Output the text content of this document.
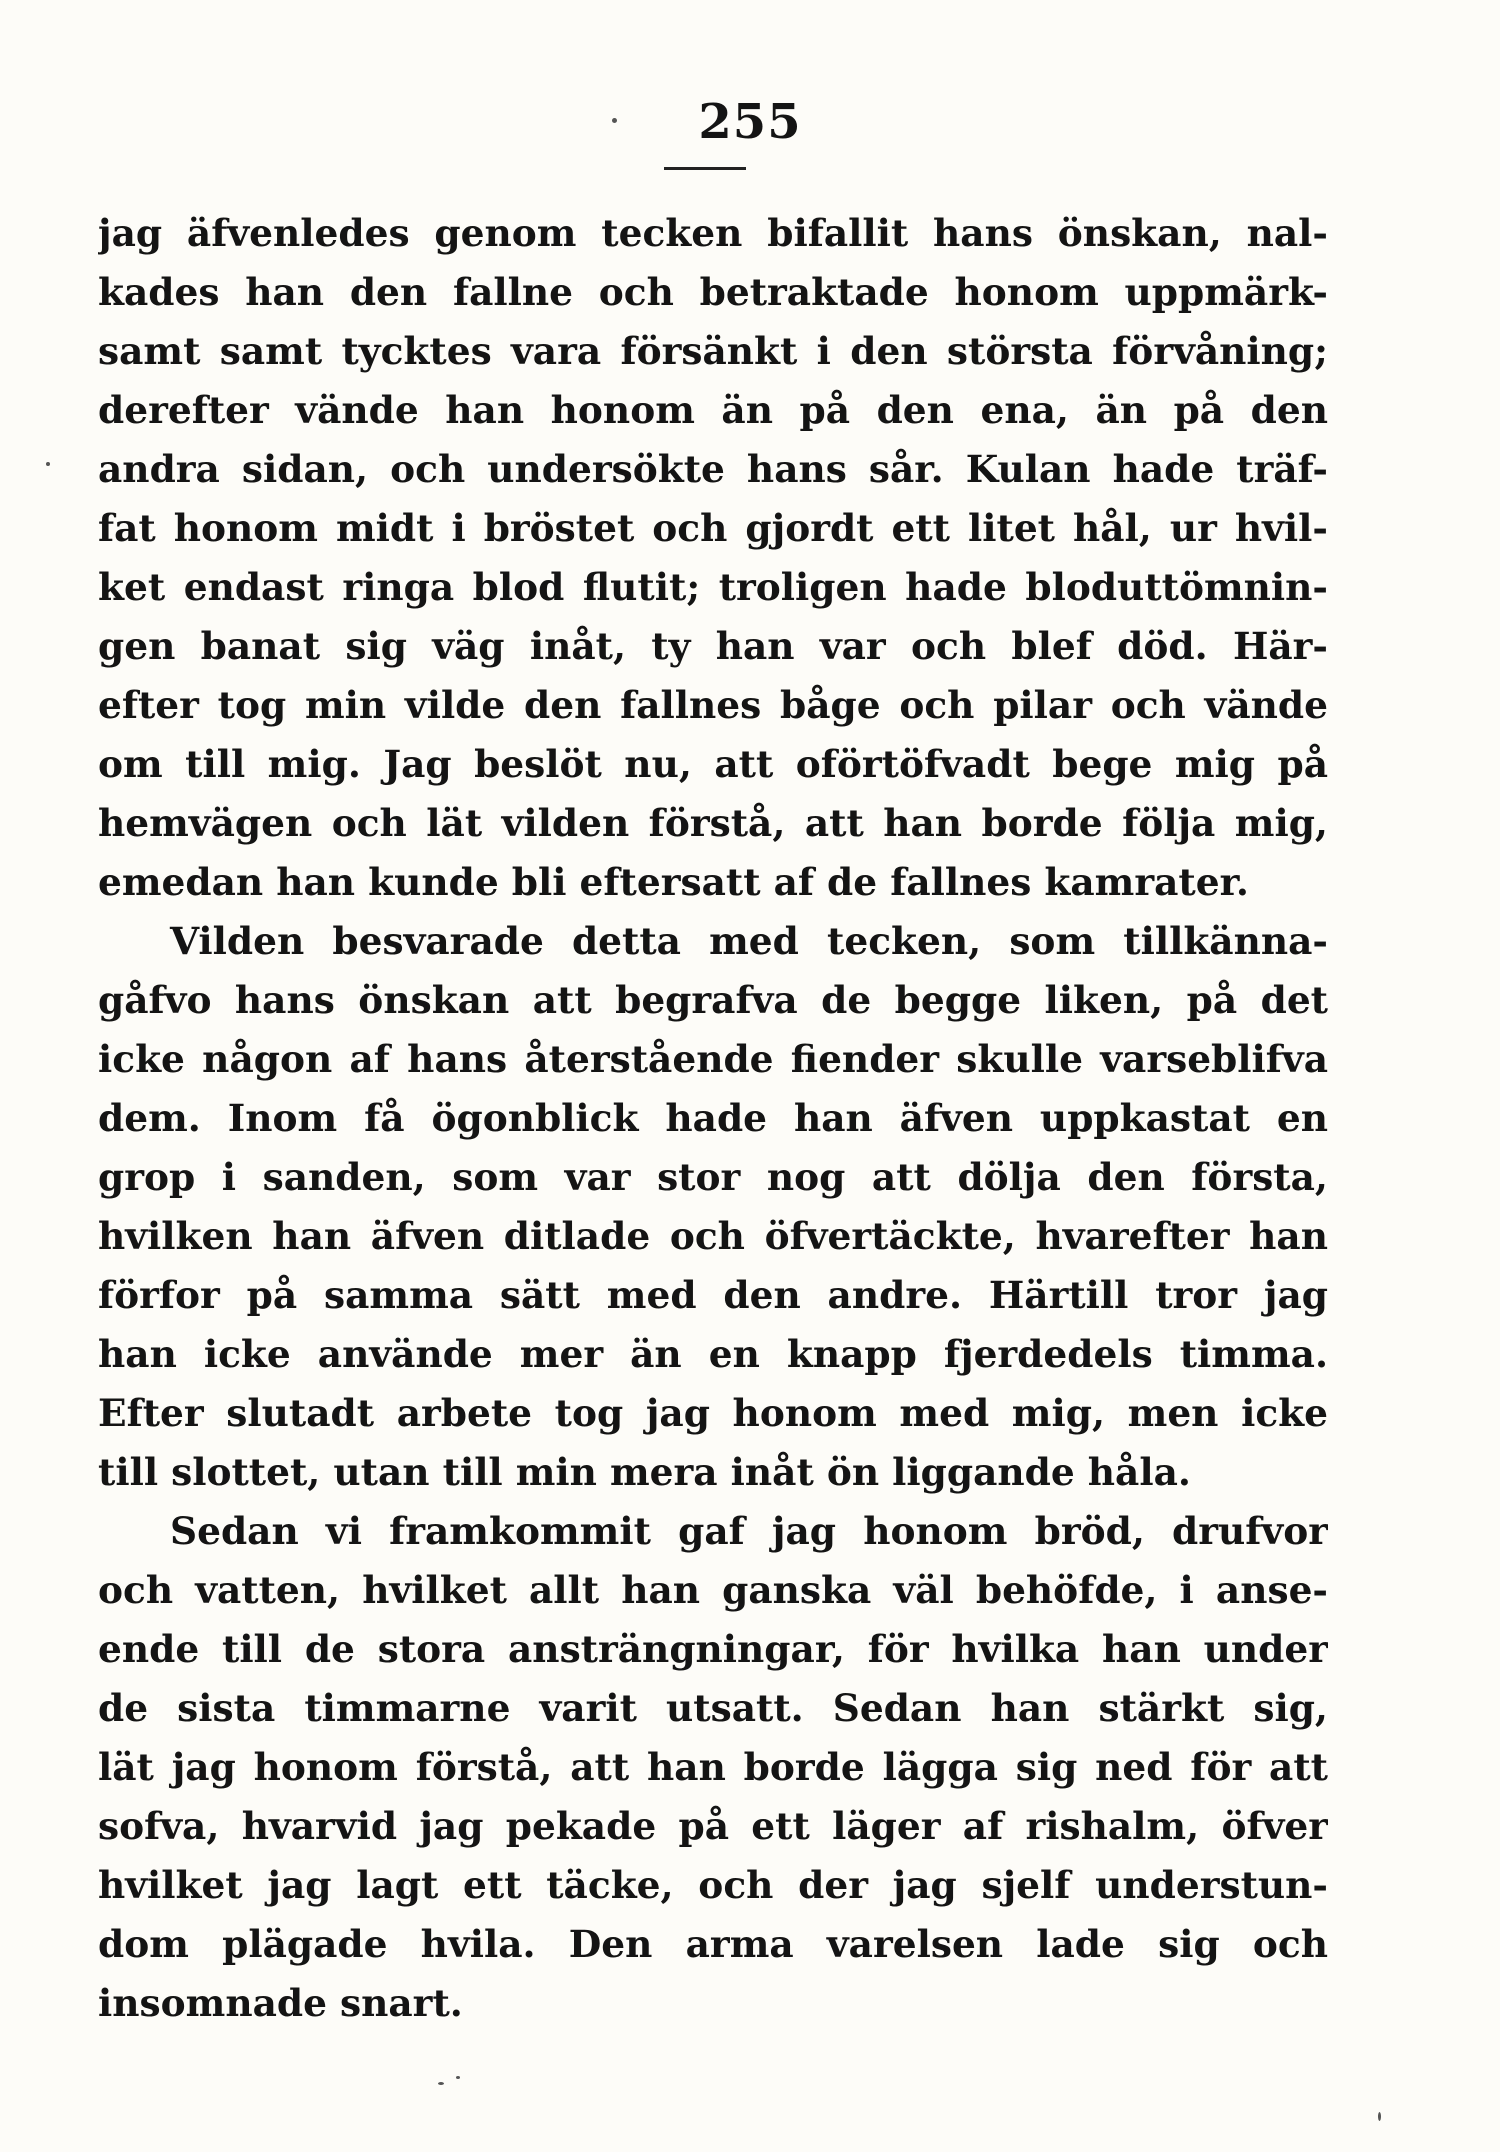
255
jag äfvenledes genom tecken bifallit hans önskan, nal-
kades han den fallne och betraktade honom uppmärk-
samt samt tycktes vara försänkt i den största förvåning;
derefter vände han honom än på den ena, än på den
andra sidan, och undersökte hans sår. Kulan hade träf-
fat honom midt i bröstet och gjordt ett litet hål, ur hvil-
ket endast ringa blod flutit; troligen hade bloduttömnin-
gen banat sig väg inåt, ty han var och blef död. Här-
efter tog min vilde den fallnes båge och pilar och vände
om till mig. Jag beslöt nu, att oförtöfvadt bege mig på
hemvägen och lät vilden förstå, att han borde följa mig,
emedan han kunde bli eftersatt af de fallnes kamrater.
Vilden besvarade detta med tecken, som tillkänna-
gåfvo hans önskan att begrafva de begge liken, på det
icke någon af hans återstående fiender skulle varseblifva
dem. Inom få ögonblick hade han äfven uppkastat en
grop i sanden, som var stor nog att dölja den första,
hvilken han äfven ditlade och öfvertäckte, hvarefter han
förfor på samma sätt med den andre. Härtill tror jag
han icke använde mer än en knapp fjerdedels timma.
Efter slutadt arbete tog jag honom med mig, men icke
till slottet, utan till min mera inåt ön liggande håla.
Sedan vi framkommit gaf jag honom bröd, drufvor
och vatten, hvilket allt han ganska väl behöfde, i anse-
ende till de stora ansträngningar, för hvilka han under
de sista timmarne varit utsatt. Sedan han stärkt sig,
lät jag honom förstå, att han borde lägga sig ned för att
sofva, hvarvid jag pekade på ett läger af rishalm, öfver
hvilket jag lagt ett täcke, och der jag sjelf understun-
dom plägade hvila. Den arma varelsen lade sig och
insomnade snart.
